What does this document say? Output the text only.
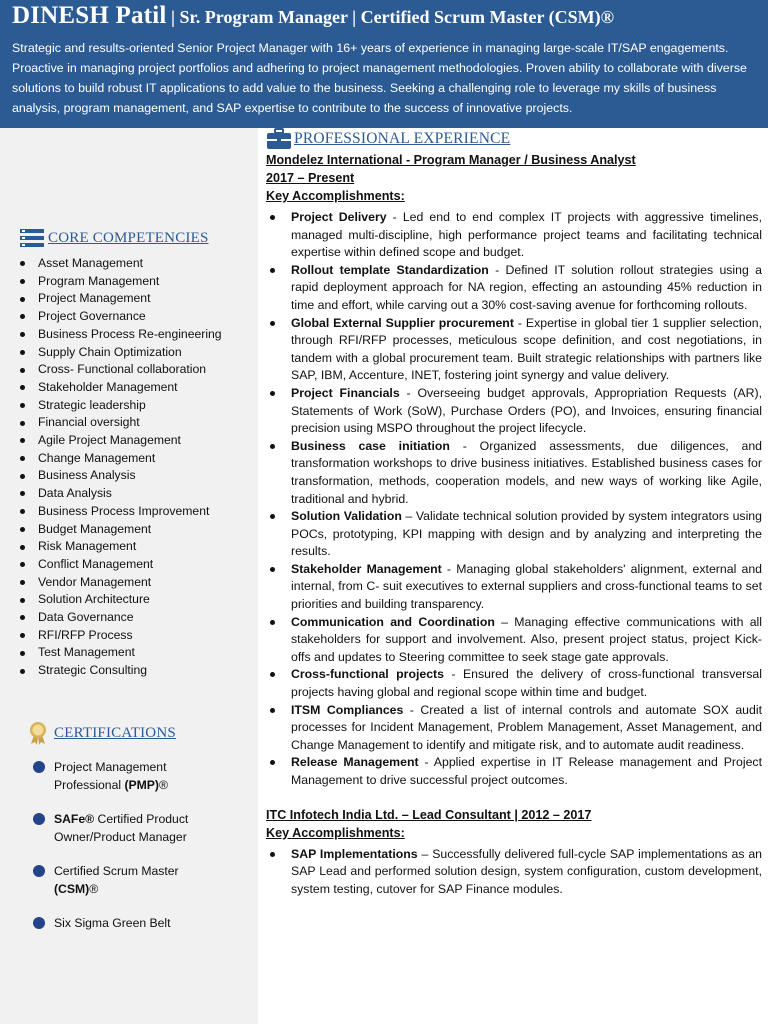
DINESH Patil | Sr. Program Manager | Certified Scrum Master (CSM)®
Strategic and results-oriented Senior Project Manager with 16+ years of experience in managing large-scale IT/SAP engagements. Proactive in managing project portfolios and adhering to project management methodologies. Proven ability to collaborate with diverse solutions to build robust IT applications to add value to the business. Seeking a challenging role to leverage my skills of business analysis, program management, and SAP expertise to contribute to the success of innovative projects.
CORE COMPETENCIES
Asset Management
Program Management
Project Management
Project Governance
Business Process Re-engineering
Supply Chain Optimization
Cross- Functional collaboration
Stakeholder Management
Strategic leadership
Financial oversight
Agile Project Management
Change Management
Business Analysis
Data Analysis
Business Process Improvement
Budget Management
Risk Management
Conflict Management
Vendor Management
Solution Architecture
Data Governance
RFI/RFP Process
Test Management
Strategic Consulting
CERTIFICATIONS
Project Management Professional (PMP)®
SAFe® Certified Product Owner/Product Manager
Certified Scrum Master (CSM)®
Six Sigma Green Belt
PROFESSIONAL EXPERIENCE
Mondelez International - Program Manager / Business Analyst
2017 – Present
Key Accomplishments:
Project Delivery - Led end to end complex IT projects with aggressive timelines, managed multi-discipline, high performance project teams and facilitating technical expertise within defined scope and budget.
Rollout template Standardization - Defined IT solution rollout strategies using a rapid deployment approach for NA region, effecting an astounding 45% reduction in time and effort, while carving out a 30% cost-saving avenue for forthcoming rollouts.
Global External Supplier procurement - Expertise in global tier 1 supplier selection, through RFI/RFP processes, meticulous scope definition, and cost negotiations, in tandem with a global procurement team. Built strategic relationships with partners like SAP, IBM, Accenture, INET, fostering joint synergy and value delivery.
Project Financials - Overseeing budget approvals, Appropriation Requests (AR), Statements of Work (SoW), Purchase Orders (PO), and Invoices, ensuring financial precision using MSPO throughout the project lifecycle.
Business case initiation - Organized assessments, due diligences, and transformation workshops to drive business initiatives. Established business cases for transformation, methods, cooperation models, and new ways of working like Agile, traditional and hybrid.
Solution Validation – Validate technical solution provided by system integrators using POCs, prototyping, KPI mapping with design and by analyzing and interpreting the results.
Stakeholder Management - Managing global stakeholders' alignment, external and internal, from C- suit executives to external suppliers and cross-functional teams to set priorities and building transparency.
Communication and Coordination – Managing effective communications with all stakeholders for support and involvement. Also, present project status, project Kick-offs and updates to Steering committee to seek stage gate approvals.
Cross-functional projects - Ensured the delivery of cross-functional transversal projects having global and regional scope within time and budget.
ITSM Compliances - Created a list of internal controls and automate SOX audit processes for Incident Management, Problem Management, Asset Management, and Change Management to identify and mitigate risk, and to automate audit readiness.
Release Management - Applied expertise in IT Release management and Project Management to drive successful project outcomes.
ITC Infotech India Ltd. – Lead Consultant | 2012 – 2017
Key Accomplishments:
SAP Implementations – Successfully delivered full-cycle SAP implementations as an SAP Lead and performed solution design, system configuration, custom development, system testing, cutover for SAP Finance modules.
